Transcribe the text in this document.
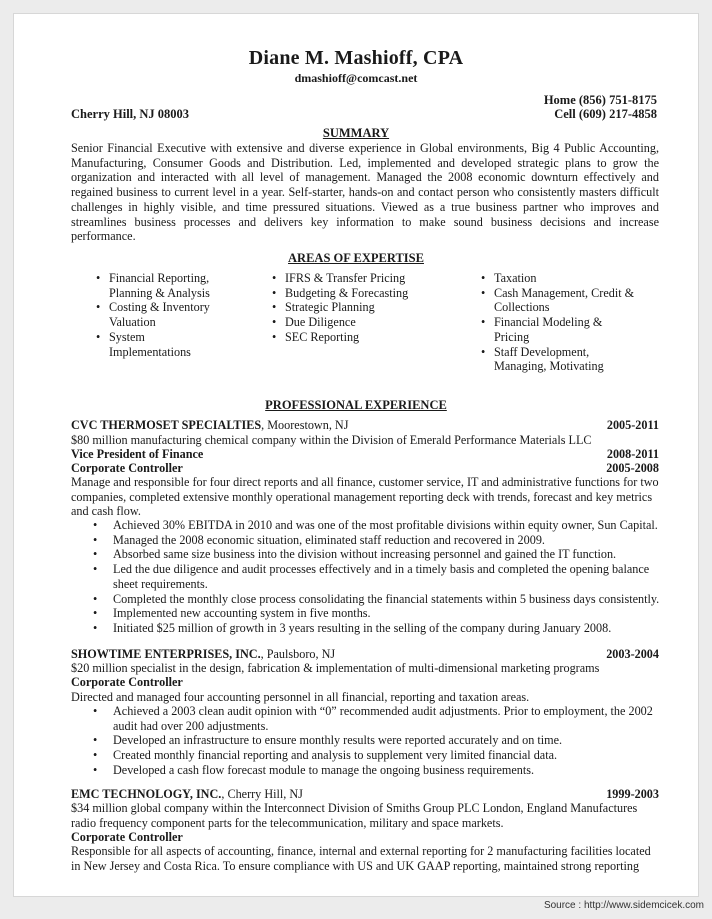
Diane M. Mashioff, CPA
dmashioff@comcast.net
Home (856) 751-8175
Cherry Hill, NJ 08003	Cell (609) 217-4858
SUMMARY
Senior Financial Executive with extensive and diverse experience in Global environments, Big 4 Public Accounting, Manufacturing, Consumer Goods and Distribution. Led, implemented and developed strategic plans to grow the organization and interacted with all level of management. Managed the 2008 economic downturn effectively and regained business to current level in a year. Self-starter, hands-on and contact person who consistently masters difficult challenges in highly visible, and time pressured situations. Viewed as a true business partner who improves and streamlines business processes and delivers key information to make sound business decisions and increase performance.
AREAS OF EXPERTISE
• Financial Reporting, Planning & Analysis
• Costing & Inventory Valuation
• System Implementations
• IFRS & Transfer Pricing
• Budgeting & Forecasting
• Strategic Planning
• Due Diligence
• SEC Reporting
• Taxation
• Cash Management, Credit & Collections
• Financial Modeling & Pricing
• Staff Development, Managing, Motivating
PROFESSIONAL EXPERIENCE
CVC THERMOSET SPECIALTIES, Moorestown, NJ	2005-2011
$80 million manufacturing chemical company within the Division of Emerald Performance Materials LLC
Vice President of Finance	2008-2011
Corporate Controller	2005-2008
Manage and responsible for four direct reports and all finance, customer service, IT and administrative functions for two companies, completed extensive monthly operational management reporting deck with trends, forecast and key metrics and cash flow.
• Achieved 30% EBITDA in 2010 and was one of the most profitable divisions within equity owner, Sun Capital.
• Managed the 2008 economic situation, eliminated staff reduction and recovered in 2009.
• Absorbed same size business into the division without increasing personnel and gained the IT function.
• Led the due diligence and audit processes effectively and in a timely basis and completed the opening balance sheet requirements.
• Completed the monthly close process consolidating the financial statements within 5 business days consistently.
• Implemented new accounting system in five months.
• Initiated $25 million of growth in 3 years resulting in the selling of the company during January 2008.
SHOWTIME ENTERPRISES, INC., Paulsboro, NJ	2003-2004
$20 million specialist in the design, fabrication & implementation of multi-dimensional marketing programs
Corporate Controller
Directed and managed four accounting personnel in all financial, reporting and taxation areas.
• Achieved a 2003 clean audit opinion with “0” recommended audit adjustments. Prior to employment, the 2002 audit had over 200 adjustments.
• Developed an infrastructure to ensure monthly results were reported accurately and on time.
• Created monthly financial reporting and analysis to supplement very limited financial data.
• Developed a cash flow forecast module to manage the ongoing business requirements.
EMC TECHNOLOGY, INC., Cherry Hill, NJ	1999-2003
$34 million global company within the Interconnect Division of Smiths Group PLC London, England Manufactures radio frequency component parts for the telecommunication, military and space markets.
Corporate Controller
Responsible for all aspects of accounting, finance, internal and external reporting for 2 manufacturing facilities located in New Jersey and Costa Rica. To ensure compliance with US and UK GAAP reporting, maintained strong reporting
Source : http://www.sidemcicek.com
